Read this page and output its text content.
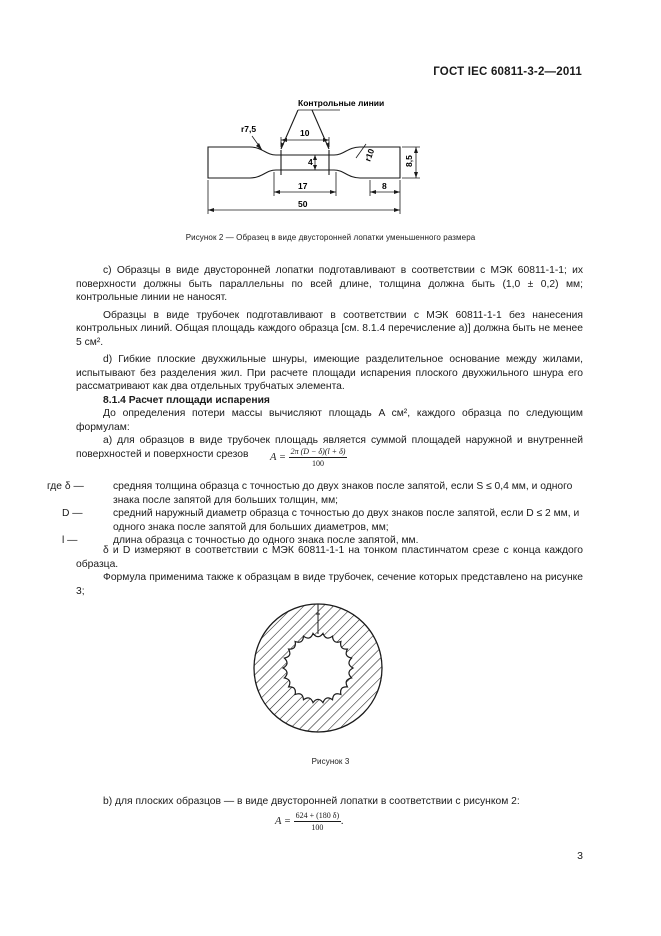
ГОСТ IEC 60811-3-2—2011
Контрольные линии
r7,5
r10
10
4
17	8
50
8,5
Рисунок 2 — Образец в виде двусторонней лопатки уменьшенного размера

с) Образцы в виде двусторонней лопатки подготавливают в соответствии с МЭК 60811-1-1; их поверхности должны быть параллельны по всей длине, толщина должна быть (1,0 ± 0,2) мм; контрольные линии не наносят.

Образцы в виде трубочек подготавливают в соответствии с МЭК 60811-1-1 без нанесения контрольных линий. Общая площадь каждого образца [см. 8.1.4 перечисление а)] должна быть не менее 5 см².

d) Гибкие плоские двухжильные шнуры, имеющие разделительное основание между жилами, испытывают без разделения жил. При расчете площади испарения плоского двухжильного шнура его рассматривают как два отдельных трубчатых элемента.

8.1.4 Расчет площади испарения

До определения потери массы вычисляют площадь A см², каждого образца по следующим формулам:

а) для образцов в виде трубочек площадь является суммой площадей наружной и внутренней поверхностей и поверхности срезов	$A = \frac{2\pi (D - \delta)(l + \delta)}{100}$
где δ —	средняя толщина образца с точностью до двух знаков после запятой, если S ≤ 0,4 мм, и одного знака после запятой для больших толщин, мм;
D —	средний наружный диаметр образца с точностью до двух знаков после запятой, если D ≤ 2 мм, и одного знака после запятой для больших диаметров, мм;
l —	длина образца с точностью до одного знака после запятой, мм.

δ и D измеряют в соответствии с МЭК 60811-1-1 на тонком пластинчатом срезе с конца каждого образца.

Формула применима также к образцам в виде трубочек, сечение которых представлено на рисунке 3;

Рисунок 3

b) для плоских образцов — в виде двусторонней лопатки в соответствии с рисунком 2:

$A = \frac{624 + (180 \delta)}{100}$ .
3
